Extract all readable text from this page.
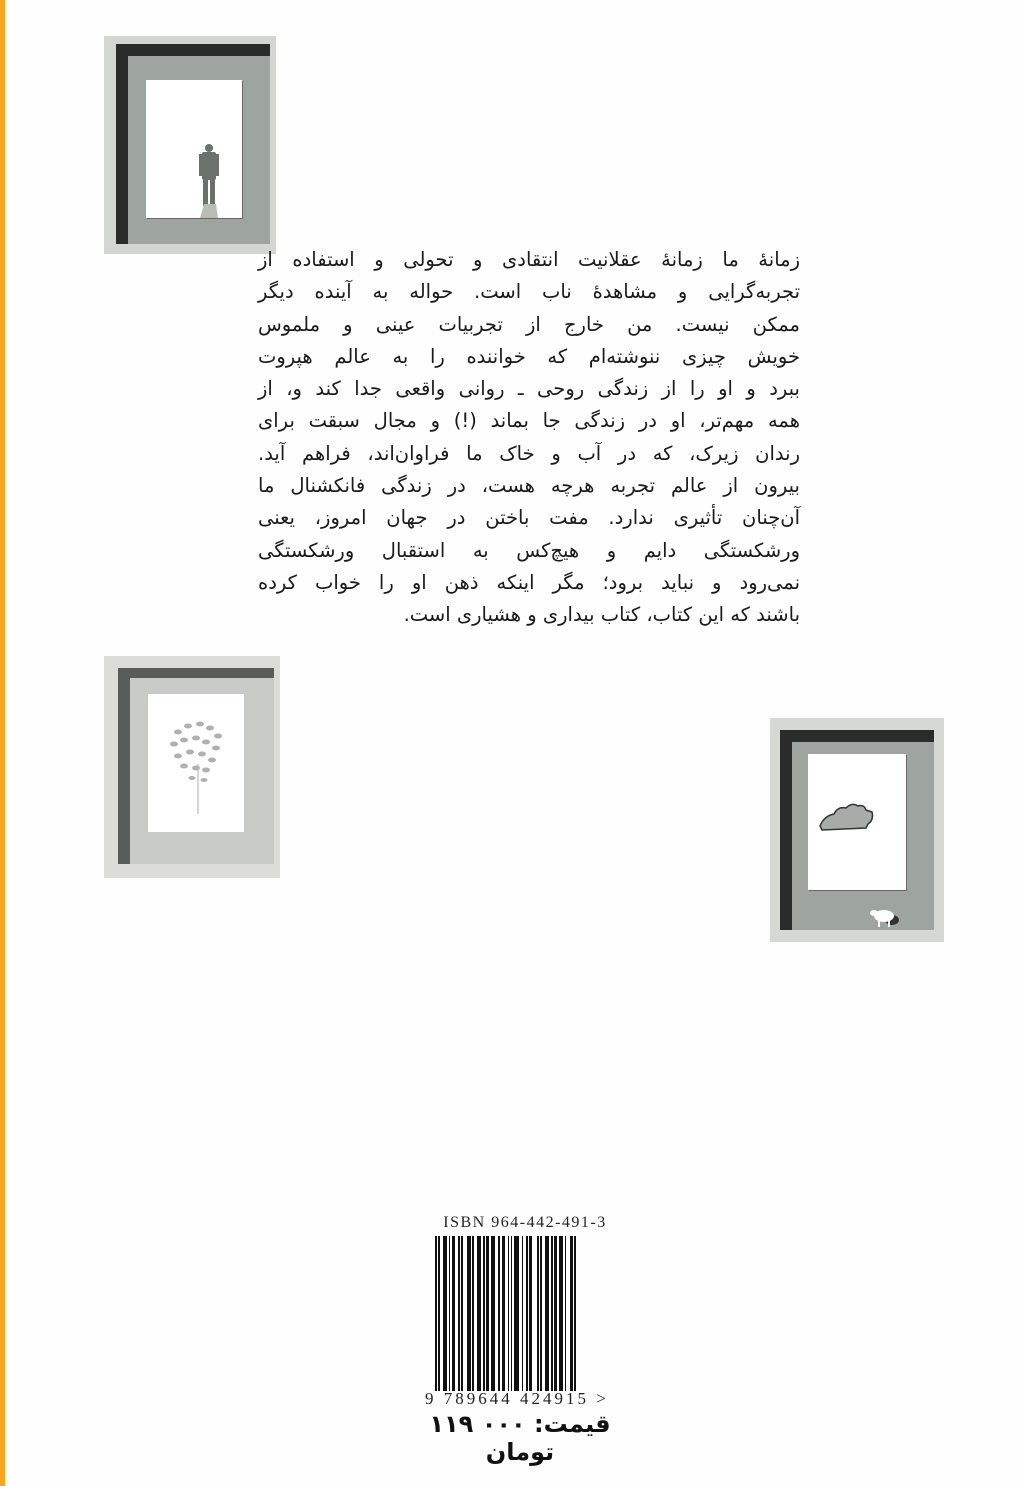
زمانهٔ ما زمانهٔ عقلانیت انتقادی و تحولی و استفاده از
تجربه‌گرایی و مشاهدهٔ ناب است. حواله به آینده دیگر
ممکن نیست. من خارج از تجربیات عینی و ملموس
خویش چیزی ننوشته‌ام که خواننده را به عالم هپروت
ببرد و او را از زندگی روحی ـ روانی واقعی جدا کند و، از
همه مهم‌تر، او در زندگی جا بماند (!) و مجال سبقت برای
رندان زیرک، که در آب و خاک ما فراوان‌اند، فراهم آید.
بیرون از عالم تجربه هرچه هست، در زندگی فانکشنال ما
آن‌چنان تأثیری ندارد. مفت باختن در جهان امروز، یعنی
ورشکستگی دایم و هیچ‌کس به استقبال ورشکستگی
نمی‌رود و نباید برود؛ مگر اینکه ذهن او را خواب کرده
باشند که این کتاب، کتاب بیداری و هشیاری است.
ISBN 964-442-491-3
9 789644 424915 >
قیمت: ۰۰۰ ۱۱۹ تومان
